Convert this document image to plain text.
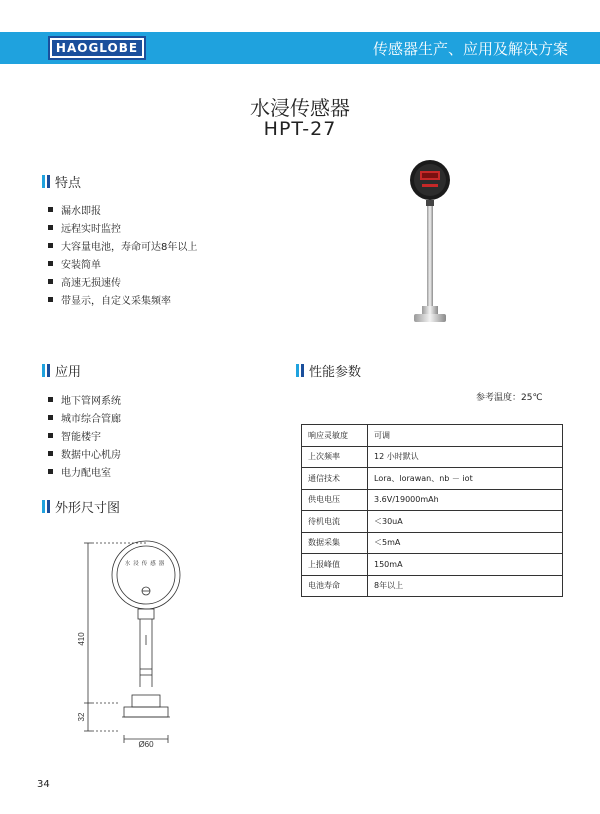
HAOGLOBE	传感器生产、应用及解决方案
水浸传感器
HPT-27
特点
漏水即报
远程实时监控
大容量电池，寿命可达8年以上
安装简单
高速无损速传
带显示，自定义采集频率
应用
地下管网系统
城市综合管廊
智能楼宇
数据中心机房
电力配电室
外形尺寸图
水浸传感器
410
32
Ø60
性能参数
参考温度：25℃
响应灵敏度	可调
上次频率	12 小时默认
通信技术	Lora、lorawan、nb － iot
供电电压	3.6V/19000mAh
待机电流	＜30uA
数据采集	＜5mA
上报峰值	150mA
电池寿命	8年以上
34
